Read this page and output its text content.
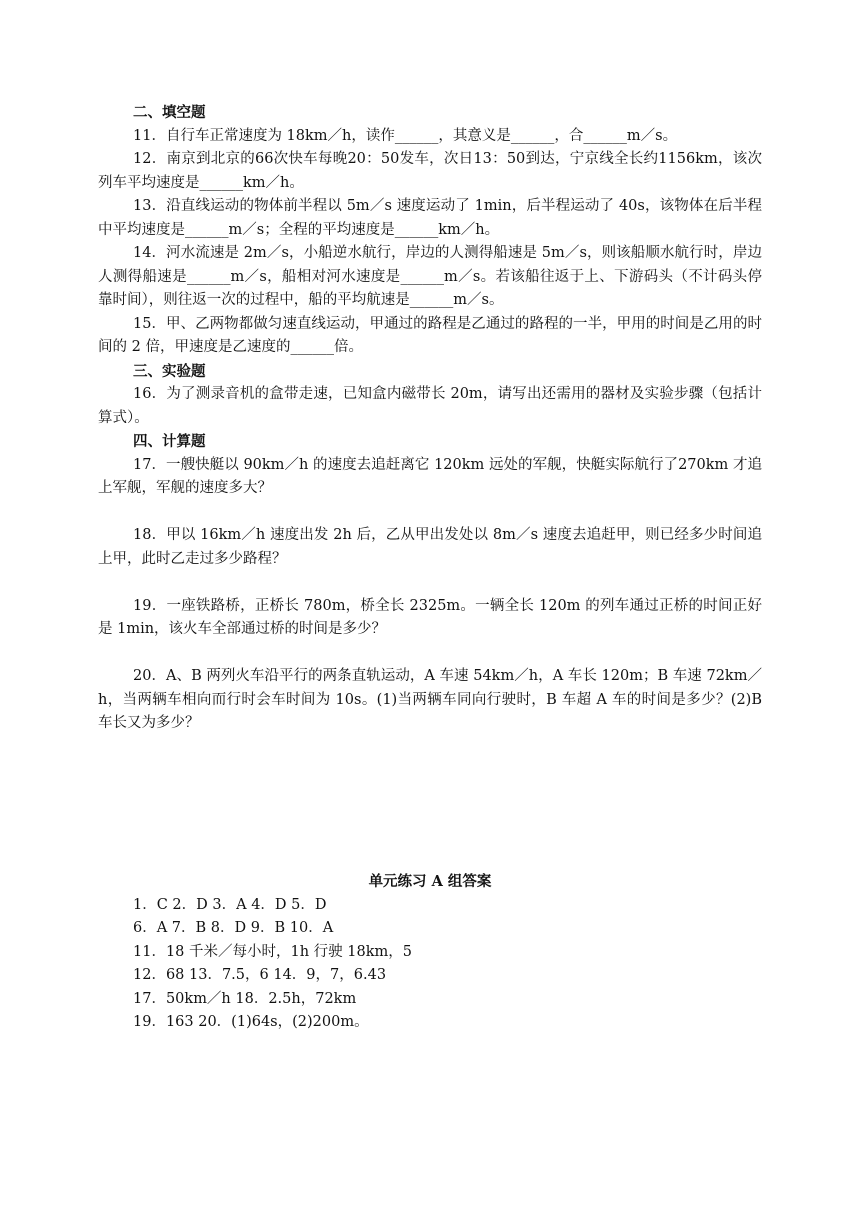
二、填空题

11．自行车正常速度为 18km／h，读作______，其意义是______，合______m／s。

12．南京到北京的66次快车每晚20：50发车，次日13：50到达，宁京线全长约1156km，该次列车平均速度是______km／h。

13．沿直线运动的物体前半程以 5m／s 速度运动了 1min，后半程运动了 40s，该物体在后半程中平均速度是______m／s；全程的平均速度是______km／h。

14．河水流速是 2m／s，小船逆水航行，岸边的人测得船速是 5m／s，则该船顺水航行时，岸边人测得船速是______m／s，船相对河水速度是______m／s。若该船往返于上、下游码头（不计码头停靠时间），则往返一次的过程中，船的平均航速是______m／s。

15．甲、乙两物都做匀速直线运动，甲通过的路程是乙通过的路程的一半，甲用的时间是乙用的时间的 2 倍，甲速度是乙速度的______倍。

三、实验题

16．为了测录音机的盒带走速，已知盒内磁带长 20m，请写出还需用的器材及实验步骤（包括计算式）。

四、计算题

17．一艘快艇以 90km／h 的速度去追赶离它 120km 远处的军舰，快艇实际航行了270km 才追上军舰，军舰的速度多大？

18．甲以 16km／h 速度出发 2h 后，乙从甲出发处以 8m／s 速度去追赶甲，则已经多少时间追上甲，此时乙走过多少路程？

19．一座铁路桥，正桥长 780m，桥全长 2325m。一辆全长 120m 的列车通过正桥的时间正好是 1min，该火车全部通过桥的时间是多少？

20．A、B 两列火车沿平行的两条直轨运动，A 车速 54km／h，A 车长 120m；B 车速 72km／h，当两辆车相向而行时会车时间为 10s。(1)当两辆车同向行驶时，B 车超 A 车的时间是多少？(2)B 车长又为多少？

单元练习 A 组答案

1．C 2．D 3．A 4．D 5．D

6．A 7．B 8．D 9．B 10．A

11．18 千米／每小时，1h 行驶 18km，5

12．68 13．7.5，6 14．9，7，6.43

17．50km／h 18．2.5h，72km

19．163 20．(1)64s，(2)200m。
